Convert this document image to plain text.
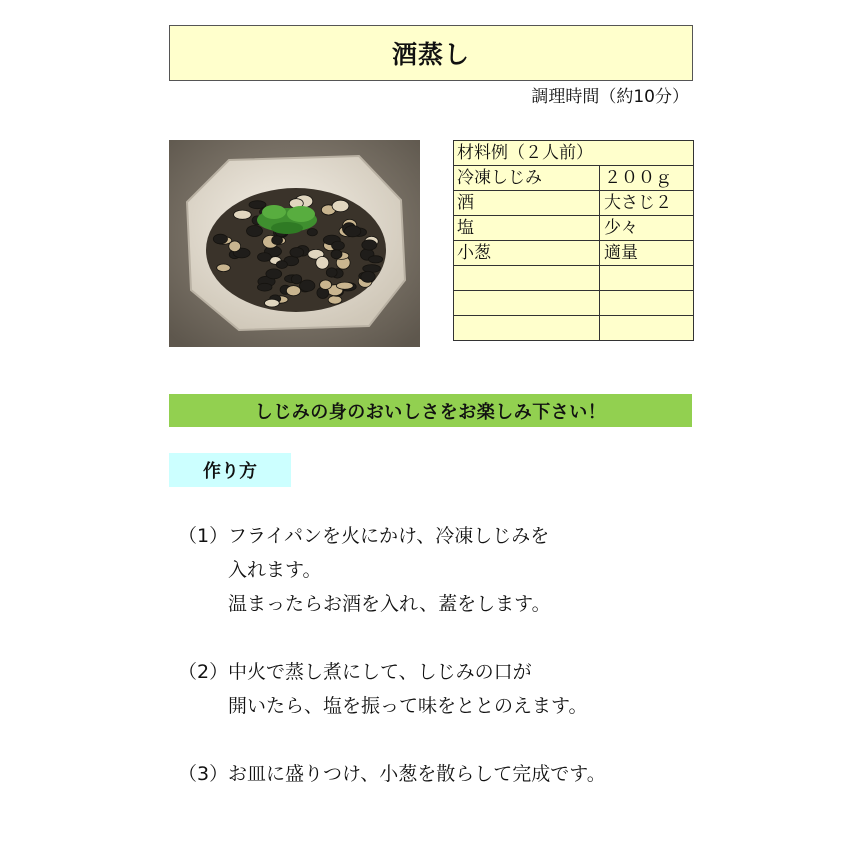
酒蒸し
調理時間（約10分）
材料例（２人前）	
冷凍しじみ	２００ｇ
酒	大さじ２
塩	少々
小葱	適量

しじみの身のおいしさをお楽しみ下さい！
作り方
（1） フライパンを火にかけ、冷凍しじみを
入れます。
温まったらお酒を入れ、蓋をします。
（2） 中火で蒸し煮にして、しじみの口が
開いたら、塩を振って味をととのえます。
（3） お皿に盛りつけ、小葱を散らして完成です。
